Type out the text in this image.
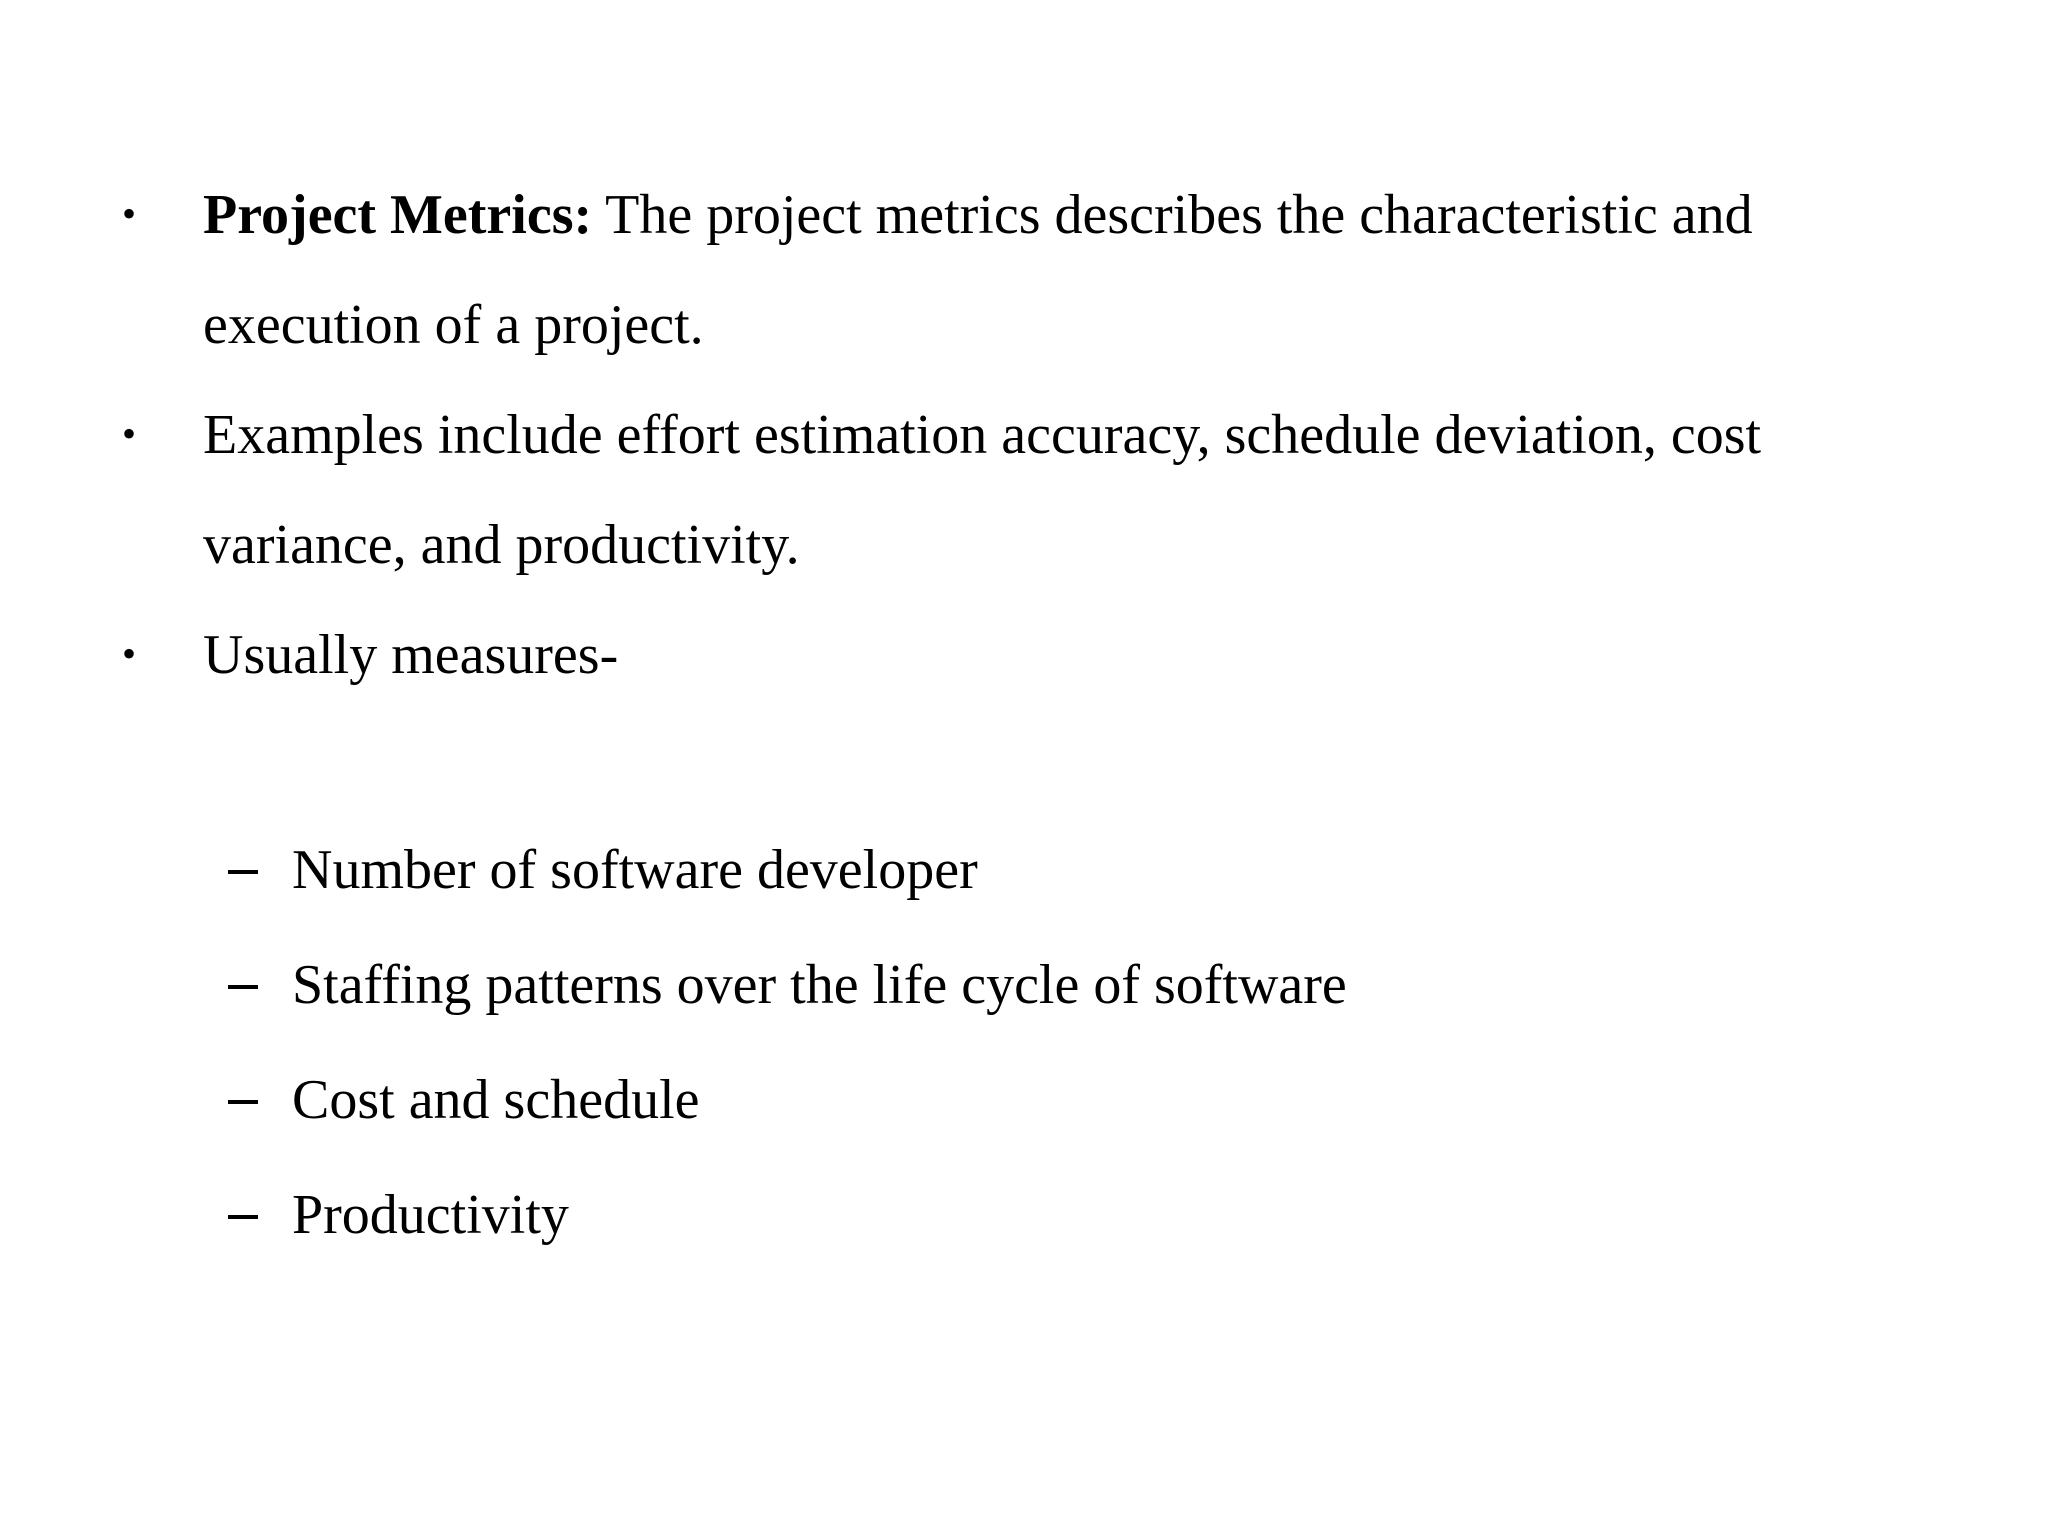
• Project Metrics: The project metrics describes the characteristic and execution of a project.
• Examples include effort estimation accuracy, schedule deviation, cost variance, and productivity.
• Usually measures-
Number of software developer
Staffing patterns over the life cycle of software
Cost and schedule
Productivity
